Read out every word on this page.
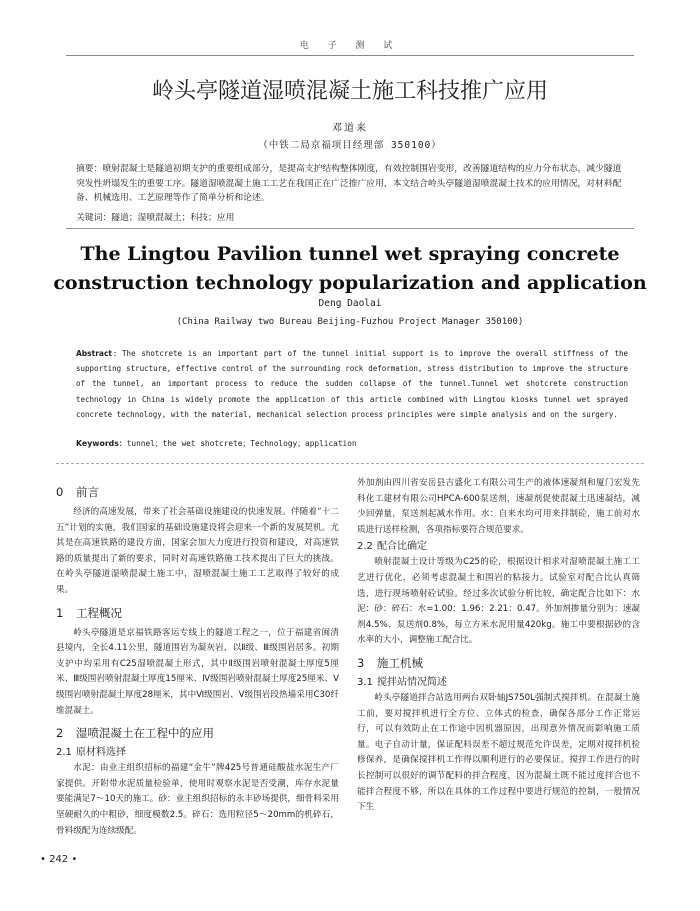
电 子 测 试
岭头亭隧道湿喷混凝土施工科技推广应用
邓道来
（中铁二局京福项目经理部 350100）
摘要：喷射混凝土是隧道初期支护的重要组成部分，是提高支护结构整体刚度，有效控制围岩变形，改善隧道结构的应力分布状态，减少隧道突发性坍塌发生的重要工序。隧道湿喷混凝土施工工艺在我国正在广泛推广应用，本文结合岭头亭隧道湿喷混凝土技术的应用情况，对材料配备、机械选用、工艺原理等作了简单分析和论述。
关键词：隧道；湿喷混凝土；科技；应用
The Lingtou Pavilion tunnel wet spraying concrete construction technology popularization and application
Deng Daolai
(China Railway two Bureau Beijing-Fuzhou Project Manager 350100)
Abstract：The shotcrete is an important part of the tunnel initial support is to improve the overall stiffness of the supporting structure, effective control of the surrounding rock deformation, stress distribution to improve the structure of the tunnel, an important process to reduce the sudden collapse of the tunnel.Tunnel wet shotcrete construction technology in China is widely promote the application of this article combined with Lingtou kiosks tunnel wet sprayed concrete technology, with the material, mechanical selection process principles were simple analysis and on the surgery.
Keywords：tunnel；the wet shotcrete；Technology；application
0 前言

经济的高速发展，带来了社会基础设施建设的快速发展。伴随着“十二五”计划的实施，我们国家的基础设施建设将会迎来一个新的发展契机。尤其是在高速铁路的建设方面，国家会加大力度进行投资和建设，对高速铁路的质量提出了新的要求，同时对高速铁路施工技术提出了巨大的挑战。在岭头亭隧道湿喷混凝土施工中，湿喷混凝土施工工艺取得了较好的成果。

1 工程概况

岭头亭隧道是京福铁路客运专线上的隧道工程之一，位于福建省闽清县境内，全长4.11公里，隧道围岩为凝灰岩，以Ⅱ级、Ⅲ级围岩居多。初期支护中均采用有C25湿喷混凝土形式，其中Ⅱ级围岩喷射混凝土厚度5厘米、Ⅲ级围岩喷射混凝土厚度15厘米、Ⅳ级围岩喷射混凝土厚度25厘米、Ⅴ级围岩喷射混凝土厚度28厘米，其中Ⅵ级围岩、Ⅴ级围岩段热墙采用C30纤维混凝土。

2 湿喷混凝土在工程中的应用
2.1 原材料选择

水泥：由业主组织招标的福建“金牛”牌425号普通硅酸盐水泥生产厂家提供。开附带水泥质量检验单，使用时观察水泥是否受潮，库存水泥量要能满足7～10天的施工。砂：业主组织招标的永丰砂场提供，细骨料采用坚硬耐久的中粗砂，细度模数2.5。碎石：选用粒径5～20mm的机碎石，骨料级配为连续级配。

外加剂由四川省安岳县吉盛化工有限公司生产的液体速凝剂和厦门宏发先科化工建材有限公司HPCA-600泵送剂，速凝剂促使混凝土迅速凝结，减少回弹量，泵送剂起减水作用。水：自来水均可用来拌制砼，施工前对水质进行送样检测，各项指标要符合规范要求。

2.2 配合比确定

喷射混凝土设计等级为C25的砼，根据设计相求对湿喷混凝土施工工艺进行优化，必须考虑混凝土和围岩的粘接力。试验室对配合比认真筛选，进行现场喷射砼试验。经过多次试验分析比较，确定配合比如下：水泥：砂：碎石：水=1.00：1.96：2.21：0.47。外加剂掺量分别为：速凝剂4.5%、泵送剂0.8%，每立方米水泥用量420kg。施工中要根据砂的含水率的大小，调整施工配合比。

3 施工机械
3.1 搅拌站情况简述

岭头亭隧道拌合站选用两台双卧轴JS750L强制式搅拌机。在混凝土施工前，要对搅拌机进行全方位、立体式的检查，确保各部分工作正常运行，可以有效防止在工作途中因机器原因，出现意外情况而影响施工质量。电子自动计量，保证配料误差不超过规范允许误差，定期对搅拌机检修保养，是确保搅拌机工作得以顺利进行的必要保证。搅拌工作进行的时长控制可以很好的调节配料的拌合程度，因为混凝土既不能过度拌合也不能拌合程度不够，所以在具体的工作过程中要进行规范的控制，一般情况下生

• 242 •
